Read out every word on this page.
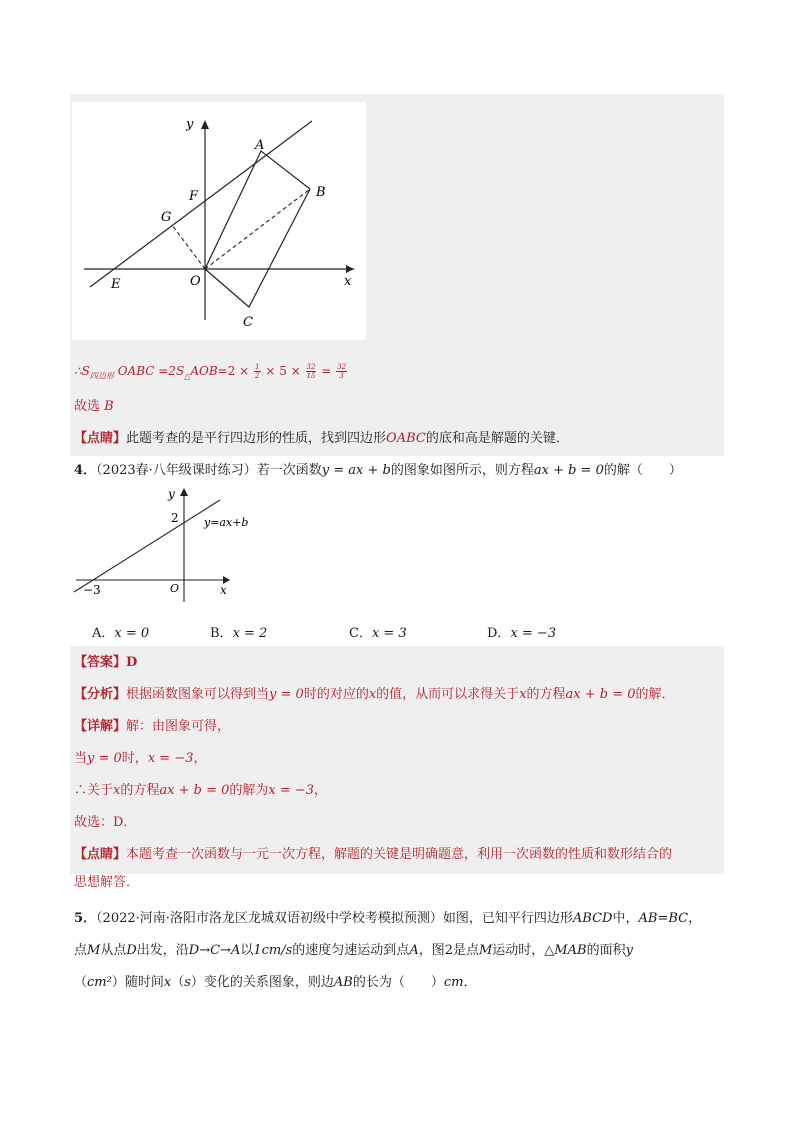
y
x
A
B
C
E
F
G
O
$\therefore S_{四边形}$ OABC $=2S_\triangle AOB=2 \times \frac{1}{2} \times 5 \times \frac{32}{15} = \frac{32}{3}$
故选 B
【点睛】此题考查的是平行四边形的性质，找到四边形OABC的底和高是解题的关键．
4．（2023春·八年级课时练习）若一次函数y = ax + b的图象如图所示，则方程ax + b = 0的解（　　）
y
x
2
−3	O
y=ax+b
A．x = 0	B．x = 2	C．x = 3	D．x = −3
【答案】D
【分析】根据函数图象可以得到当y = 0时的对应的x的值，从而可以求得关于x的方程ax + b = 0的解．
【详解】解：由图象可得，
当y = 0时，x = −3，
∴关于x的方程ax + b = 0的解为x = −3，
故选：D．
【点睛】本题考查一次函数与一元一次方程，解题的关键是明确题意，利用一次函数的性质和数形结合的
思想解答．
5．（2022·河南·洛阳市洛龙区龙城双语初级中学校考模拟预测）如图，已知平行四边形ABCD中，AB=BC，
点M从点D出发，沿D→C→A以1cm/s的速度匀速运动到点A，图2是点M运动时，△MAB的面积y
（cm²）随时间x（s）变化的关系图象，则边AB的长为（　　）cm．
